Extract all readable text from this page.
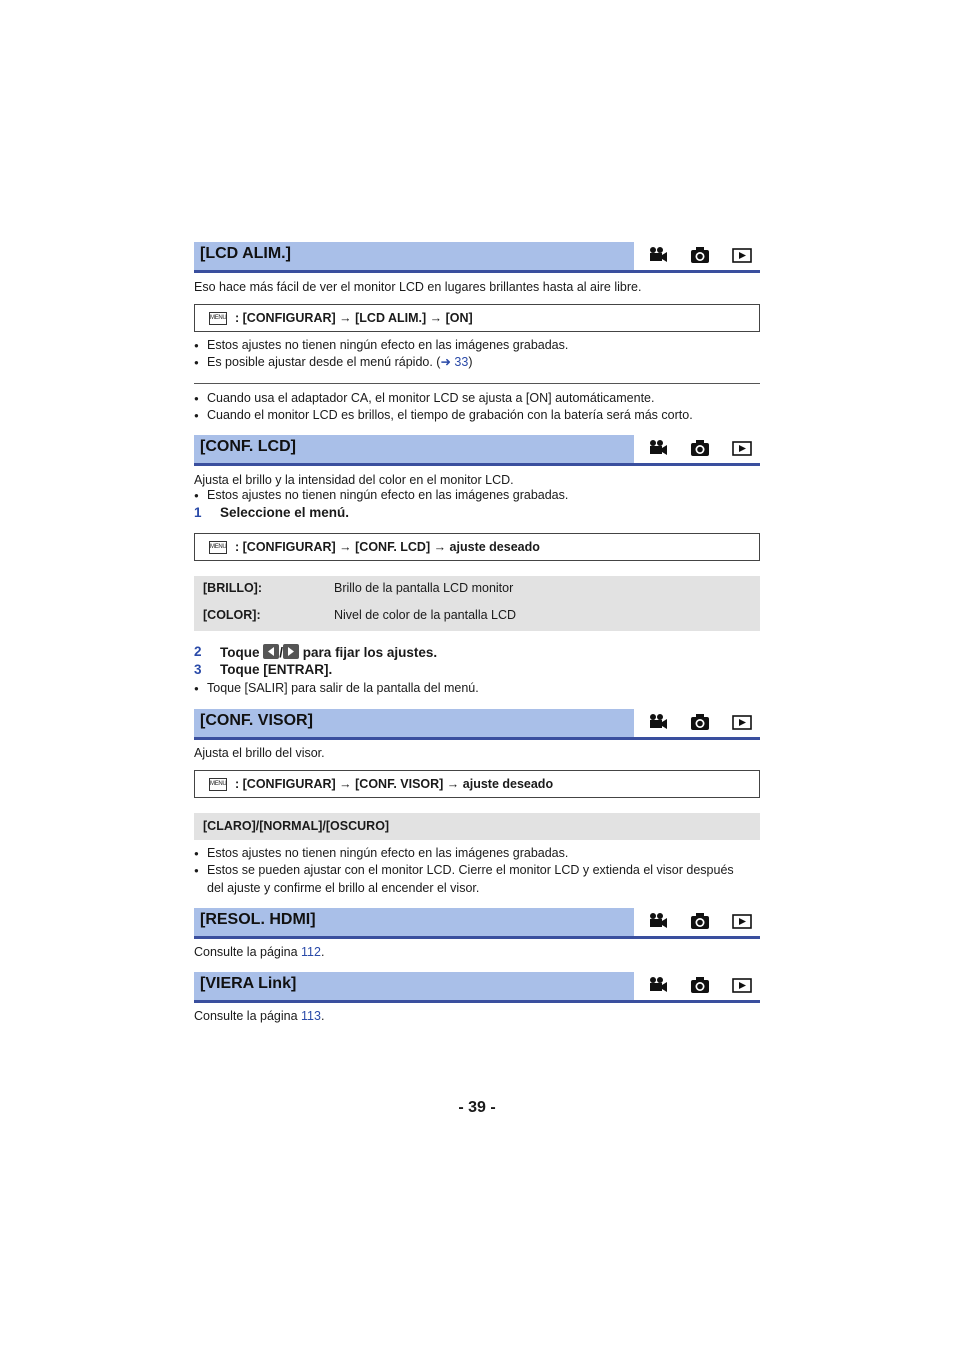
[LCD ALIM.]
Eso hace más fácil de ver el monitor LCD en lugares brillantes hasta al aire libre.
MENU : [CONFIGURAR] → [LCD ALIM.] → [ON]
● Estos ajustes no tienen ningún efecto en las imágenes grabadas.
● Es posible ajustar desde el menú rápido. (➜ 33)
● Cuando usa el adaptador CA, el monitor LCD se ajusta a [ON] automáticamente.
● Cuando el monitor LCD es brillos, el tiempo de grabación con la batería será más corto.
[CONF. LCD]
Ajusta el brillo y la intensidad del color en el monitor LCD.
● Estos ajustes no tienen ningún efecto en las imágenes grabadas.
1 Seleccione el menú.
MENU : [CONFIGURAR] → [CONF. LCD] → ajuste deseado
[BRILLO]:	Brillo de la pantalla LCD monitor
[COLOR]:	Nivel de color de la pantalla LCD
2 Toque / para fijar los ajustes.
3 Toque [ENTRAR].
● Toque [SALIR] para salir de la pantalla del menú.
[CONF. VISOR]
Ajusta el brillo del visor.
MENU : [CONFIGURAR] → [CONF. VISOR] → ajuste deseado
[CLARO]/[NORMAL]/[OSCURO]
● Estos ajustes no tienen ningún efecto en las imágenes grabadas.
● Estos se pueden ajustar con el monitor LCD. Cierre el monitor LCD y extienda el visor después
del ajuste y confirme el brillo al encender el visor.
[RESOL. HDMI]
Consulte la página 112.
[VIERA Link]
Consulte la página 113.
- 39 -
